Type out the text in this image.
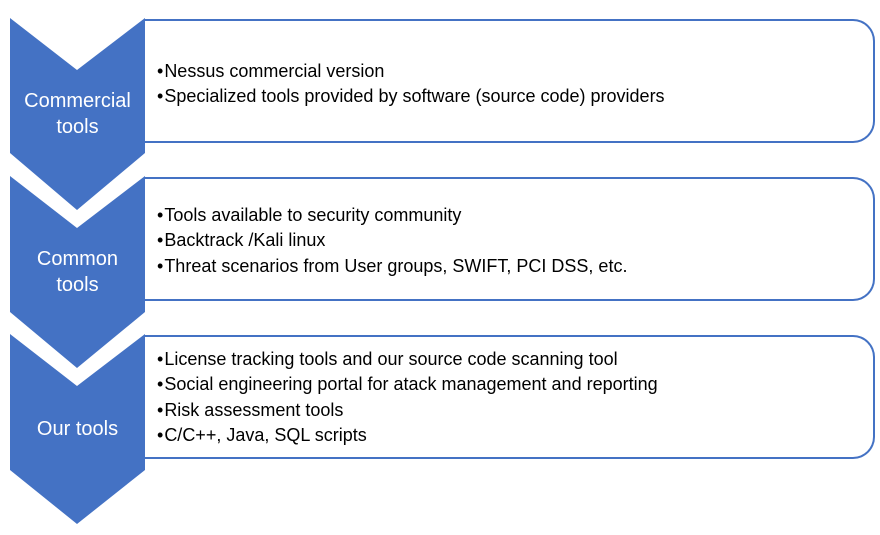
Commercial
tools
• Nessus commercial version
• Specialized tools provided by software (source code) providers
Common
tools
• Tools available to security community
• Backtrack /Kali linux
• Threat scenarios from User groups, SWIFT, PCI DSS, etc.
Our tools
• License tracking tools and our source code scanning tool
• Social engineering portal for atack management and reporting
• Risk assessment tools
• C/C++, Java, SQL scripts
